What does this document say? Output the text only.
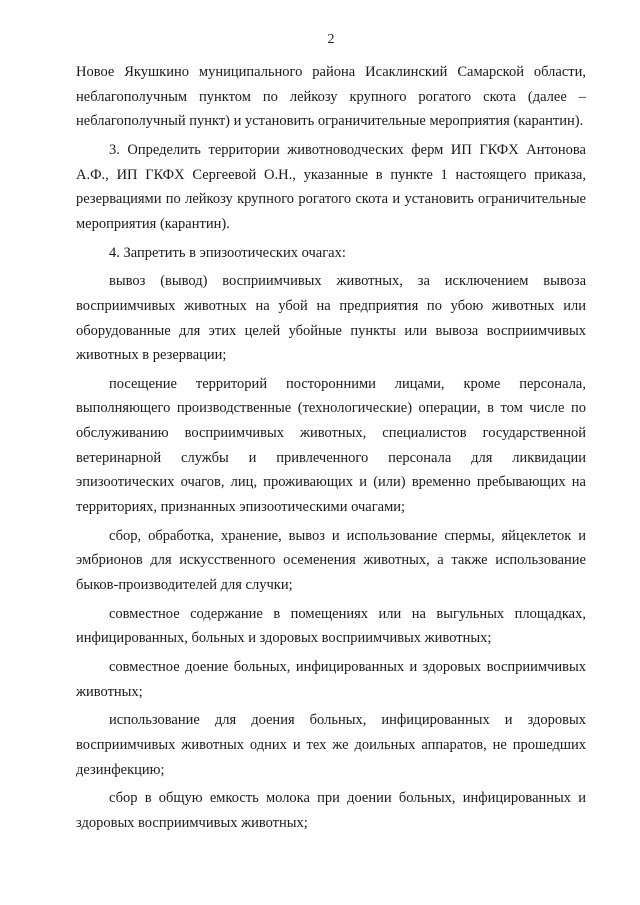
2

Новое Якушкино муниципального района Исаклинский Самарской области, неблагополучным пунктом по лейкозу крупного рогатого скота (далее – неблагополучный пункт) и установить ограничительные мероприятия (карантин).

3. Определить территории животноводческих ферм ИП ГКФХ Антонова А.Ф., ИП ГКФХ Сергеевой О.Н., указанные в пункте 1 настоящего приказа, резервациями по лейкозу крупного рогатого скота и установить ограничительные мероприятия (карантин).

4. Запретить в эпизоотических очагах:

вывоз (вывод) восприимчивых животных, за исключением вывоза восприимчивых животных на убой на предприятия по убою животных или оборудованные для этих целей убойные пункты или вывоза восприимчивых животных в резервации;

посещение территорий посторонними лицами, кроме персонала, выполняющего производственные (технологические) операции, в том числе по обслуживанию восприимчивых животных, специалистов государственной ветеринарной службы и привлеченного персонала для ликвидации эпизоотических очагов, лиц, проживающих и (или) временно пребывающих на территориях, признанных эпизоотическими очагами;

сбор, обработка, хранение, вывоз и использование спермы, яйцеклеток и эмбрионов для искусственного осеменения животных, а также использование быков-производителей для случки;

совместное содержание в помещениях или на выгульных площадках, инфицированных, больных и здоровых восприимчивых животных;

совместное доение больных, инфицированных и здоровых восприимчивых животных;

использование для доения больных, инфицированных и здоровых восприимчивых животных одних и тех же доильных аппаратов, не прошедших дезинфекцию;

сбор в общую емкость молока при доении больных, инфицированных и здоровых восприимчивых животных;
